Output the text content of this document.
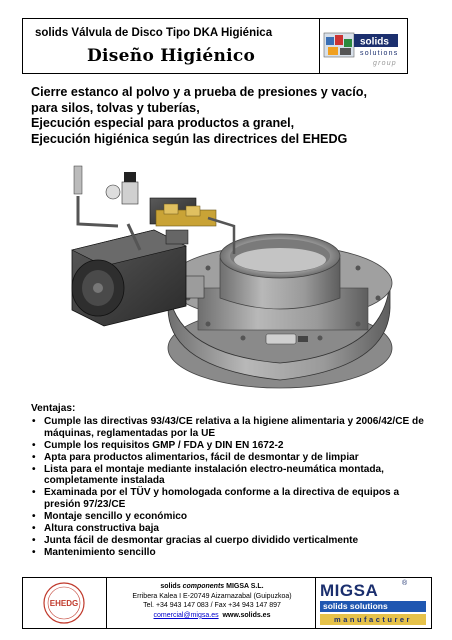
solids Válvula de Disco Tipo DKA Higiénica
Diseño Higiénico
solids
solutions
group
Cierre estanco al polvo y a prueba de presiones y vacío,
para silos, tolvas y tuberías,
Ejecución especial para productos a granel,
Ejecución higiénica según las directrices del EHEDG
Ventajas:
• Cumple las directivas 93/43/CE relativa a la higiene alimentaria y 2006/42/CE de máquinas, reglamentadas por la UE
• Cumple los requisitos GMP / FDA y DIN EN 1672-2
• Apta para productos alimentarios, fácil de desmontar y de limpiar
• Lista para el montaje mediante instalación electro-neumática montada, completamente instalada
• Examinada por el TÜV y homologada conforme a la directiva de equipos a presión 97/23/CE
• Montaje sencillo y económico
• Altura constructiva baja
• Junta fácil de desmontar gracias al cuerpo dividido verticalmente
• Mantenimiento sencillo
EHEDG
solids components MIGSA S.L.
Erribera Kalea I E-20749 Aizarnazabal (Guipuzkoa)
Tel. +34 943 147 083 / Fax +34 943 147 897
comercial@migsa.es www.solids.es
MIGSA	®
solids solutions
manufacturer
